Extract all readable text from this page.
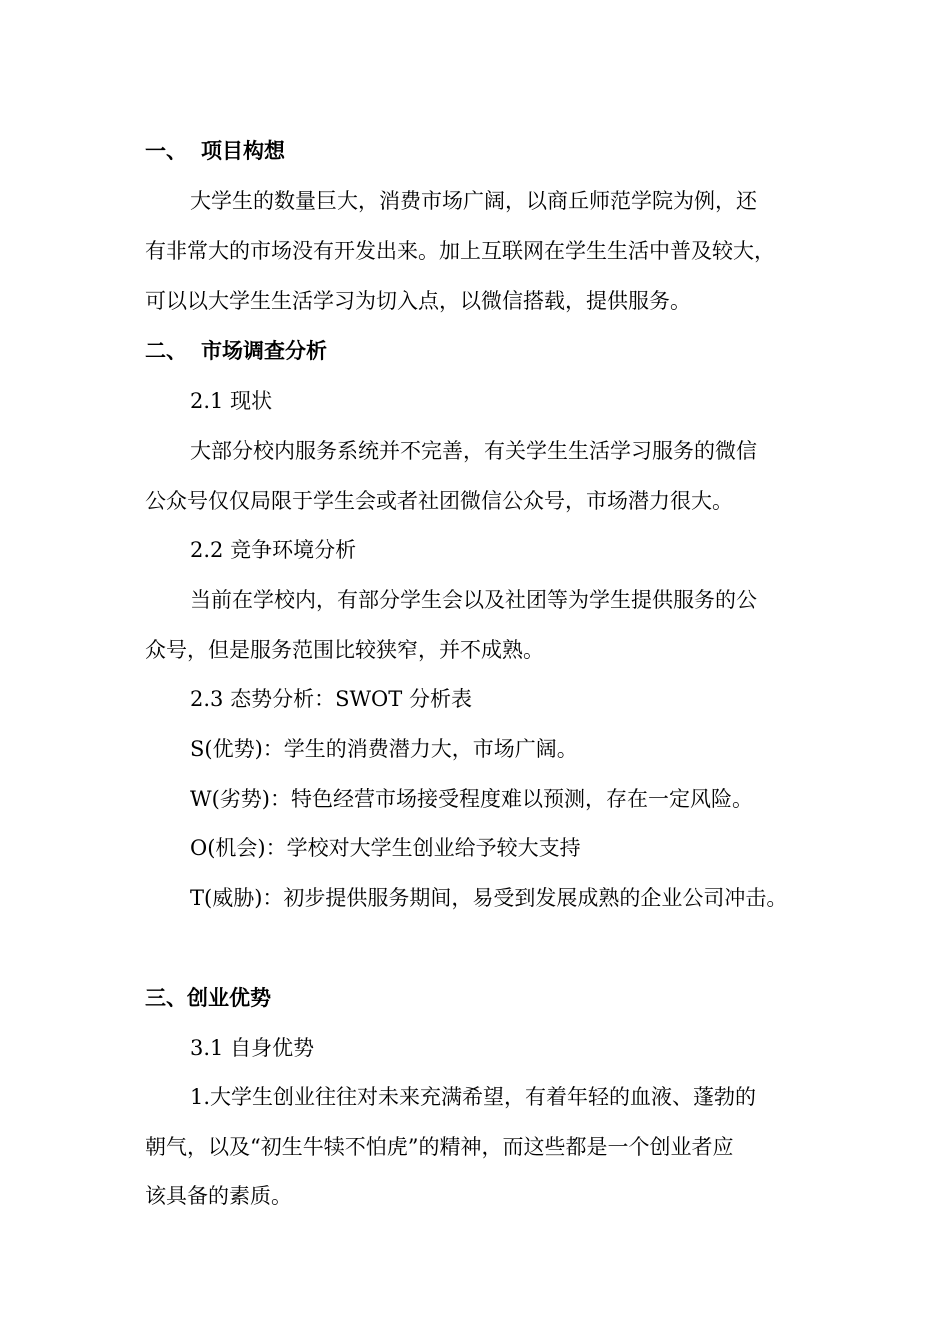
一、 项目构想
大学生的数量巨大，消费市场广阔，以商丘师范学院为例，还
有非常大的市场没有开发出来。加上互联网在学生生活中普及较大，
可以以大学生生活学习为切入点，以微信搭载，提供服务。
二、 市场调查分析
2.1 现状
大部分校内服务系统并不完善，有关学生生活学习服务的微信
公众号仅仅局限于学生会或者社团微信公众号，市场潜力很大。
2.2 竞争环境分析
当前在学校内，有部分学生会以及社团等为学生提供服务的公
众号，但是服务范围比较狭窄，并不成熟。
2.3 态势分析：SWOT 分析表
S(优势)：学生的消费潜力大，市场广阔。
W(劣势)：特色经营市场接受程度难以预测，存在一定风险。
O(机会)：学校对大学生创业给予较大支持
T(威胁)：初步提供服务期间，易受到发展成熟的企业公司冲击。
三、创业优势
3.1 自身优势
1.大学生创业往往对未来充满希望，有着年轻的血液、蓬勃的
朝气，以及“初生牛犊不怕虎”的精神，而这些都是一个创业者应
该具备的素质。
